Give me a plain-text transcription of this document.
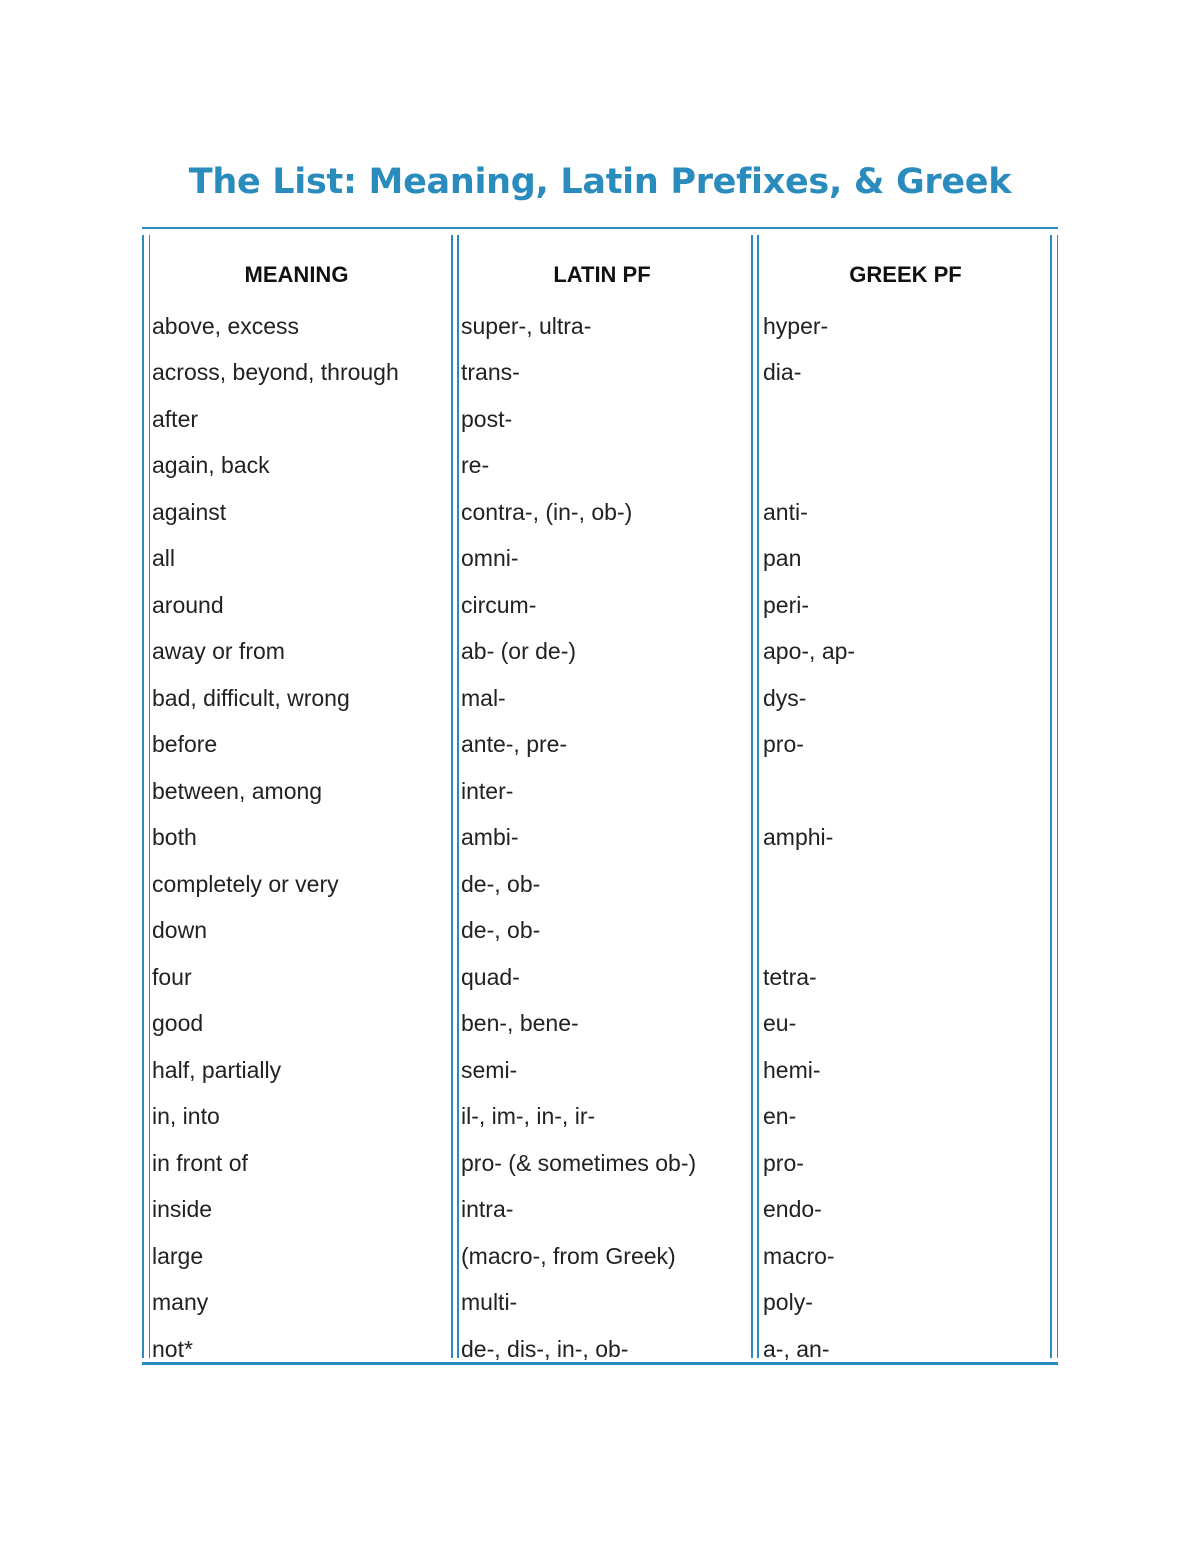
The List: Meaning, Latin Prefixes, & Greek
MEANING	LATIN PF	GREEK PF
above, excess	super-, ultra-	hyper-
across, beyond, through	trans-	dia-
after	post-	
again, back	re-	
against	contra-, (in-, ob-)	anti-
all	omni-	pan
around	circum-	peri-
away or from	ab- (or de-)	apo-, ap-
bad, difficult, wrong	mal-	dys-
before	ante-, pre-	pro-
between, among	inter-	
both	ambi-	amphi-
completely or very	de-, ob-	
down	de-, ob-	
four	quad-	tetra-
good	ben-, bene-	eu-
half, partially	semi-	hemi-
in, into	il-, im-, in-, ir-	en-
in front of	pro- (& sometimes ob-)	pro-
inside	intra-	endo-
large	(macro-, from Greek)	macro-
many	multi-	poly-
not*	de-, dis-, in-, ob-	a-, an-
